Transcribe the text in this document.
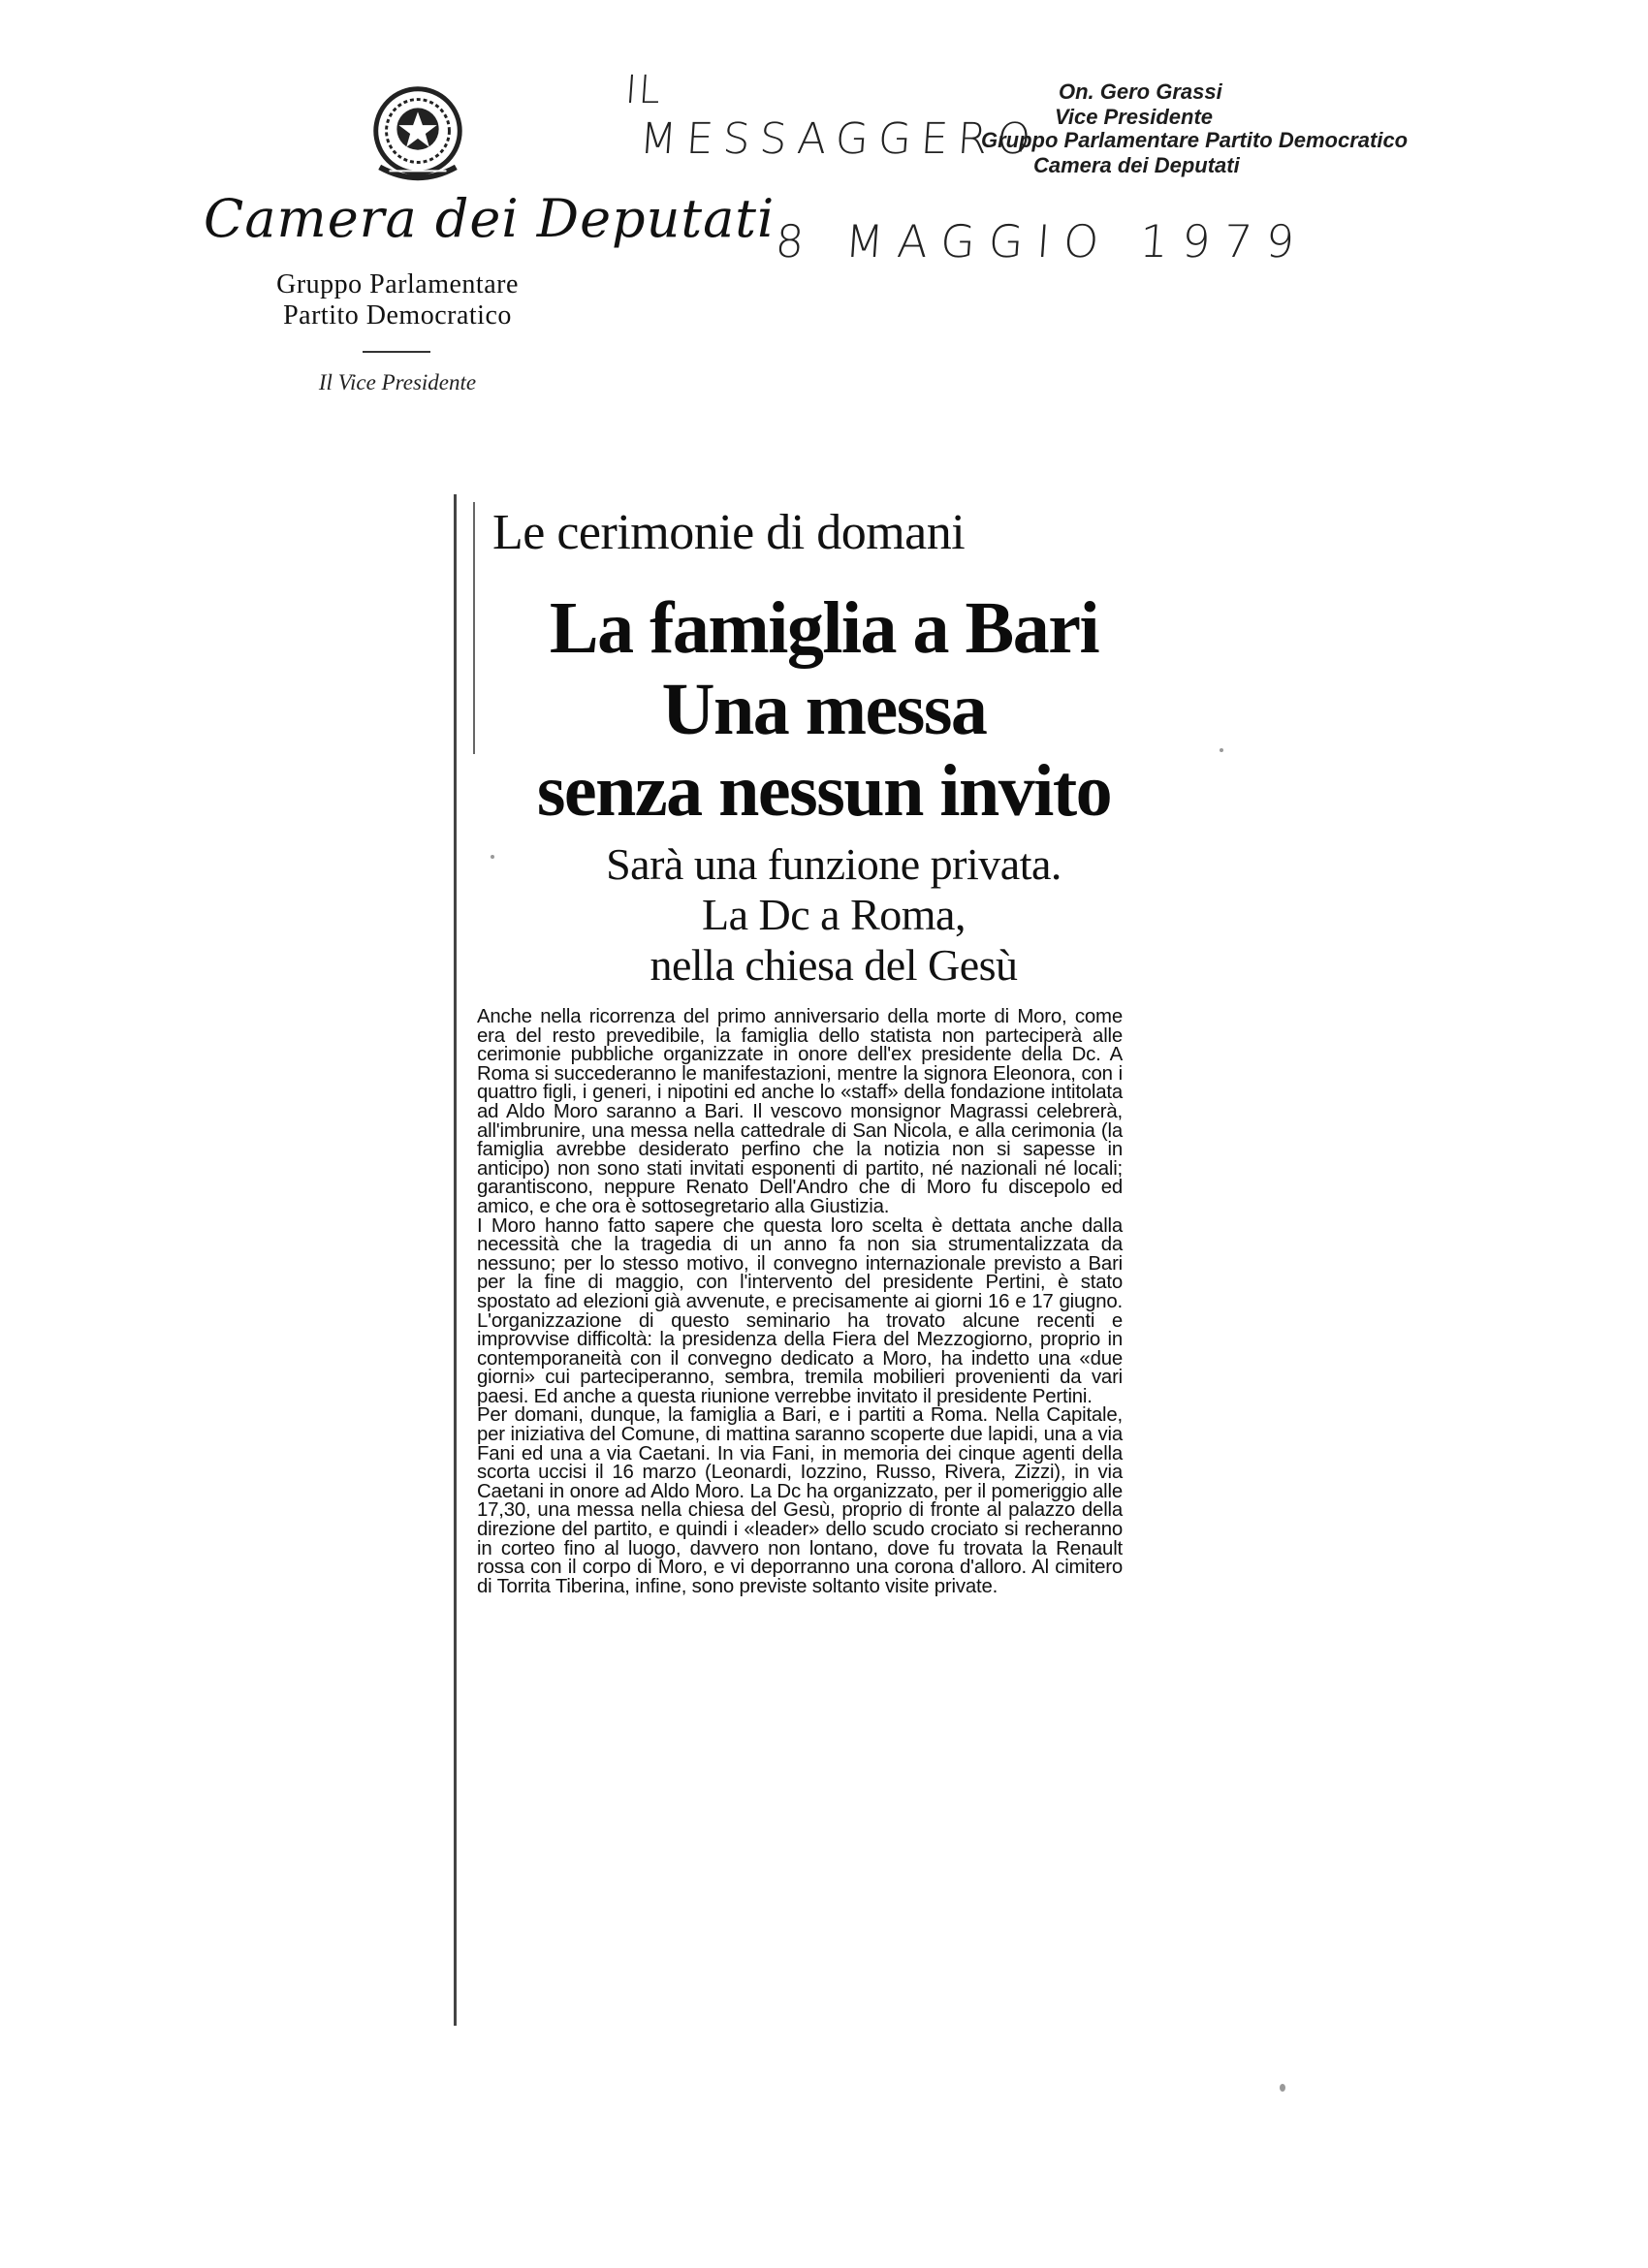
Camera dei Deputati
Gruppo Parlamentare
Partito Democratico
Il Vice Presidente
IL
MESSAGGERO
8 MAGGIO 1979
On. Gero Grassi
Vice Presidente
Gruppo Parlamentare Partito Democratico
Camera dei Deputati
Le cerimonie di domani
La famiglia a Bari
Una messa
senza nessun invito
Sarà una funzione privata.
La Dc a Roma,
nella chiesa del Gesù

Anche nella ricorrenza del primo anniversario della morte di Moro, come era del resto prevedibile, la famiglia dello statista non parteciperà alle cerimonie pubbliche organizzate in onore dell'ex presidente della Dc. A Roma si succederanno le manifestazioni, mentre la signora Eleonora, con i quattro figli, i generi, i nipotini ed anche lo «staff» della fondazione intitolata ad Aldo Moro saranno a Bari. Il vescovo monsignor Magrassi celebrerà, all'imbrunire, una messa nella cattedrale di San Nicola, e alla cerimonia (la famiglia avrebbe desiderato perfino che la notizia non si sapesse in anticipo) non sono stati invitati esponenti di partito, né nazionali né locali; garantiscono, neppure Renato Dell'Andro che di Moro fu discepolo ed amico, e che ora è sottosegretario alla Giustizia.

I Moro hanno fatto sapere che questa loro scelta è dettata anche dalla necessità che la tragedia di un anno fa non sia strumentalizzata da nessuno; per lo stesso motivo, il convegno internazionale previsto a Bari per la fine di maggio, con l'intervento del presidente Pertini, è stato spostato ad elezioni già avvenute, e precisamente ai giorni 16 e 17 giugno. L'organizzazione di questo seminario ha trovato alcune recenti e improvvise difficoltà: la presidenza della Fiera del Mezzogiorno, proprio in contemporaneità con il convegno dedicato a Moro, ha indetto una «due giorni» cui parteciperanno, sembra, tremila mobilieri provenienti da vari paesi. Ed anche a questa riunione verrebbe invitato il presidente Pertini.

Per domani, dunque, la famiglia a Bari, e i partiti a Roma. Nella Capitale, per iniziativa del Comune, di mattina saranno scoperte due lapidi, una a via Fani ed una a via Caetani. In via Fani, in memoria dei cinque agenti della scorta uccisi il 16 marzo (Leonardi, Iozzino, Russo, Rivera, Zizzi), in via Caetani in onore ad Aldo Moro. La Dc ha organizzato, per il pomeriggio alle 17,30, una messa nella chiesa del Gesù, proprio di fronte al palazzo della direzione del partito, e quindi i «leader» dello scudo crociato si recheranno in corteo fino al luogo, davvero non lontano, dove fu trovata la Renault rossa con il corpo di Moro, e vi deporranno una corona d'alloro. Al cimitero di Torrita Tiberina, infine, sono previste soltanto visite private.
